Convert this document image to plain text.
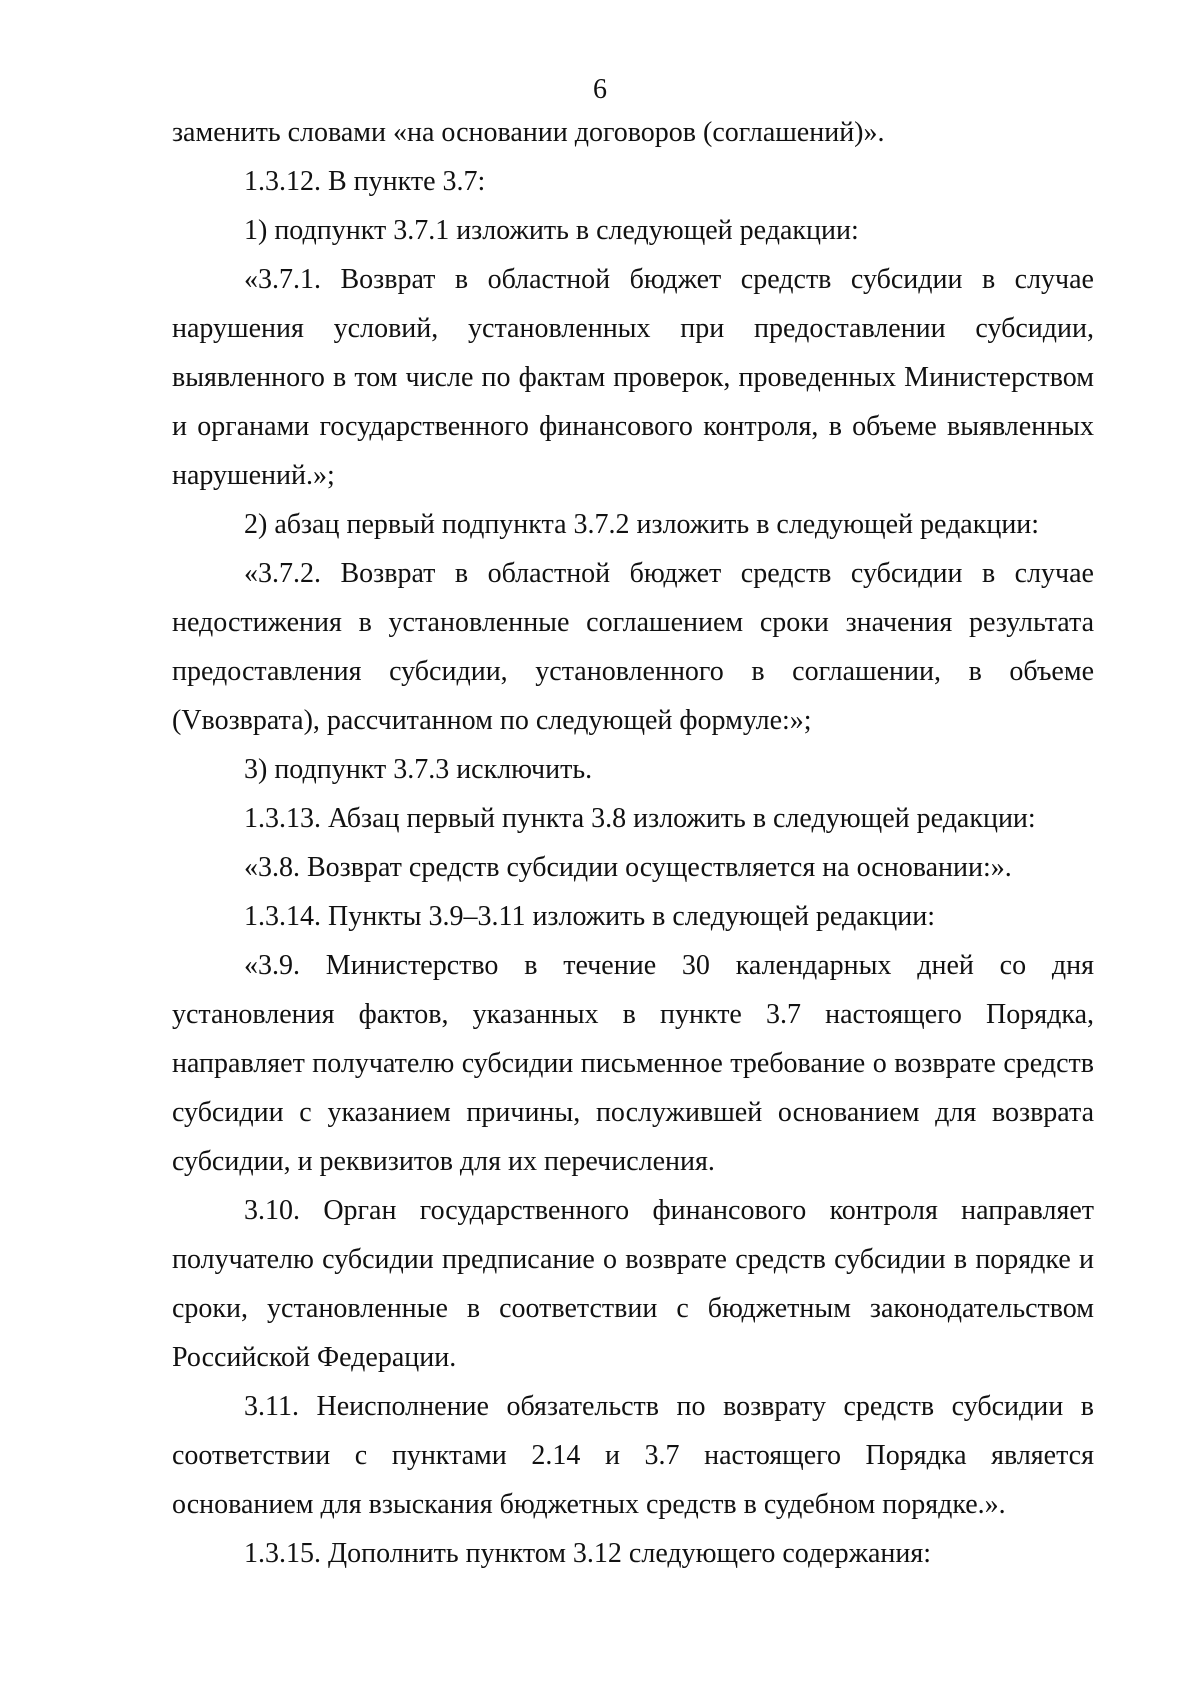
6

заменить словами «на основании договоров (соглашений)».

1.3.12. В пункте 3.7:

1) подпункт 3.7.1 изложить в следующей редакции:

«3.7.1. Возврат в областной бюджет средств субсидии в случае нарушения условий, установленных при предоставлении субсидии, выявленного в том числе по фактам проверок, проведенных Министерством и органами государственного финансового контроля, в объеме выявленных нарушений.»;

2) абзац первый подпункта 3.7.2 изложить в следующей редакции:

«3.7.2. Возврат в областной бюджет средств субсидии в случае недостижения в установленные соглашением сроки значения результата предоставления субсидии, установленного в соглашении, в объеме (Vвозврата), рассчитанном по следующей формуле:»;

3) подпункт 3.7.3 исключить.

1.3.13. Абзац первый пункта 3.8 изложить в следующей редакции:

«3.8. Возврат средств субсидии осуществляется на основании:».

1.3.14. Пункты 3.9–3.11 изложить в следующей редакции:

«3.9. Министерство в течение 30 календарных дней со дня установления фактов, указанных в пункте 3.7 настоящего Порядка, направляет получателю субсидии письменное требование о возврате средств субсидии с указанием причины, послужившей основанием для возврата субсидии, и реквизитов для их перечисления.

3.10. Орган государственного финансового контроля направляет получателю субсидии предписание о возврате средств субсидии в порядке и сроки, установленные в соответствии с бюджетным законодательством Российской Федерации.

3.11. Неисполнение обязательств по возврату средств субсидии в соответствии с пунктами 2.14 и 3.7 настоящего Порядка является основанием для взыскания бюджетных средств в судебном порядке.».

1.3.15. Дополнить пунктом 3.12 следующего содержания:
